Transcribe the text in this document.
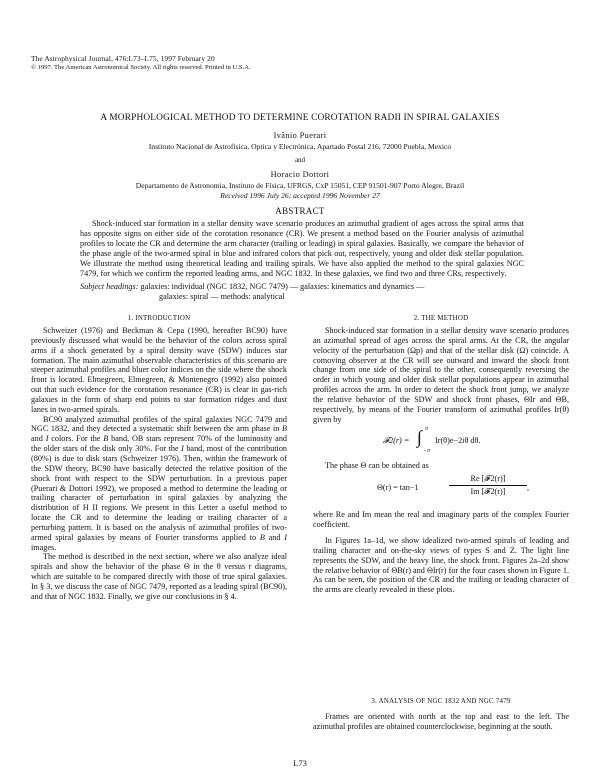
The Astrophysical Journal, 476:L73–L75, 1997 February 20
© 1997. The American Astronomical Society. All rights reserved. Printed in U.S.A.
A MORPHOLOGICAL METHOD TO DETERMINE COROTATION RADII IN SPIRAL GALAXIES
Ivânio Puerari
Instituto Nacional de Astrofísica, Optica y Electrónica, Apartado Postal 216, 72000 Puebla, Mexico
and
Horacio Dottori
Departamento de Astronomia, Instituto de Física, UFRGS, CxP 15051, CEP 91501-907 Porto Alegre, Brazil
Received 1996 July 26; accepted 1996 November 27
ABSTRACT

Shock-induced star formation in a stellar density wave scenario produces an azimuthal gradient of ages across the spiral arms that has opposite signs on either side of the corotation resonance (CR). We present a method based on the Fourier analysis of azimuthal profiles to locate the CR and determine the arm character (trailing or leading) in spiral galaxies. Basically, we compare the behavior of the phase angle of the two-armed spiral in blue and infrared colors that pick out, respectively, young and older disk stellar population. We illustrate the method using theoretical leading and trailing spirals. We have also applied the method to the spiral galaxies NGC 7479, for which we confirm the reported leading arms, and NGC 1832. In these galaxies, we find two and three CRs, respectively.

Subject headings: galaxies: individual (NGC 1832, NGC 7479) — galaxies: kinematics and dynamics —
galaxies: spiral — methods: analytical
1. INTRODUCTION	2. THE METHOD

Schweizer (1976) and Beckman & Cepa (1990, hereafter BC90) have previously discussed what would be the behavior of the colors across spiral arms if a shock generated by a spiral density wave (SDW) induces star formation. The main azimuthal observable characteristics of this scenario are steeper azimuthal profiles and bluer color indices on the side where the shock front is located. Elmegreen, Elmegreen, & Montenegro (1992) also pointed out that such evidence for the corotation resonance (CR) is clear in gas-rich galaxies in the form of sharp end points to star formation ridges and dust lanes in two-armed spirals.

BC90 analyzed azimuthal profiles of the spiral galaxies NGC 7479 and NGC 1832, and they detected a systematic shift between the arm phase in B and I colors. For the B band, OB stars represent 70% of the luminosity and the older stars of the disk only 30%. For the I band, most of the contribution (80%) is due to disk stars (Schweizer 1976). Then, within the framework of the SDW theory, BC90 have basically detected the relative position of the shock front with respect to the SDW perturbation. In a previous paper (Puerari & Dottori 1992), we proposed a method to determine the leading or trailing character of perturbation in spiral galaxies by analyzing the distribution of H II regions. We present in this Letter a useful method to locate the CR and to determine the leading or trailing character of a perturbing pattern. It is based on the analysis of azimuthal profiles of two-armed spiral galaxies by means of Fourier transforms applied to B and I images.

The method is described in the next section, where we also analyze ideal spirals and show the behavior of the phase Θ in the θ versus r diagrams, which are suitable to be compared directly with those of true spiral galaxies. In § 3, we discuss the case of NGC 7479, reported as a leading spiral (BC90), and that of NGC 1832. Finally, we give our conclusions in § 4.

Shock-induced star formation in a stellar density wave scenario produces an azimuthal spread of ages across the spiral arms. At the CR, the angular velocity of the perturbation (Ωp) and that of the stellar disk (Ω) coincide. A comoving observer at the CR will see outward and inward the shock front change from one side of the spiral to the other, consequently reversing the order in which young and older disk stellar populations appear in azimuthal profiles across the arm. In order to detect the shock front jump, we analyze the relative behavior of the SDW and shock front phases, ΘIr and ΘB, respectively, by means of the Fourier transform of azimuthal profiles Ir(θ) given by

𝓕2(r) = ∫ π
−π
Ir(θ)e−2iθ dθ.

The phase Θ can be obtained as

Θ(r) = tan−1
Re [𝓕2(r)]
Im [𝓕2(r)]	,

where Re and Im mean the real and imaginary parts of the complex Fourier coefficient.

In Figures 1a–1d, we show idealized two-armed spirals of leading and trailing character and on-the-sky views of types S and Z. The light line represents the SDW, and the heavy line, the shock front. Figures 2a–2d show the relative behavior of ΘB(r) and ΘIr(r) for the four cases shown in Figure 1. As can be seen, the position of the CR and the trailing or leading character of the arms are clearly revealed in these plots.

3. ANALYSIS OF NGC 1832 AND NGC 7479

Frames are oriented with north at the top and east to the left. The azimuthal profiles are obtained counterclockwise, beginning at the south.

L73
